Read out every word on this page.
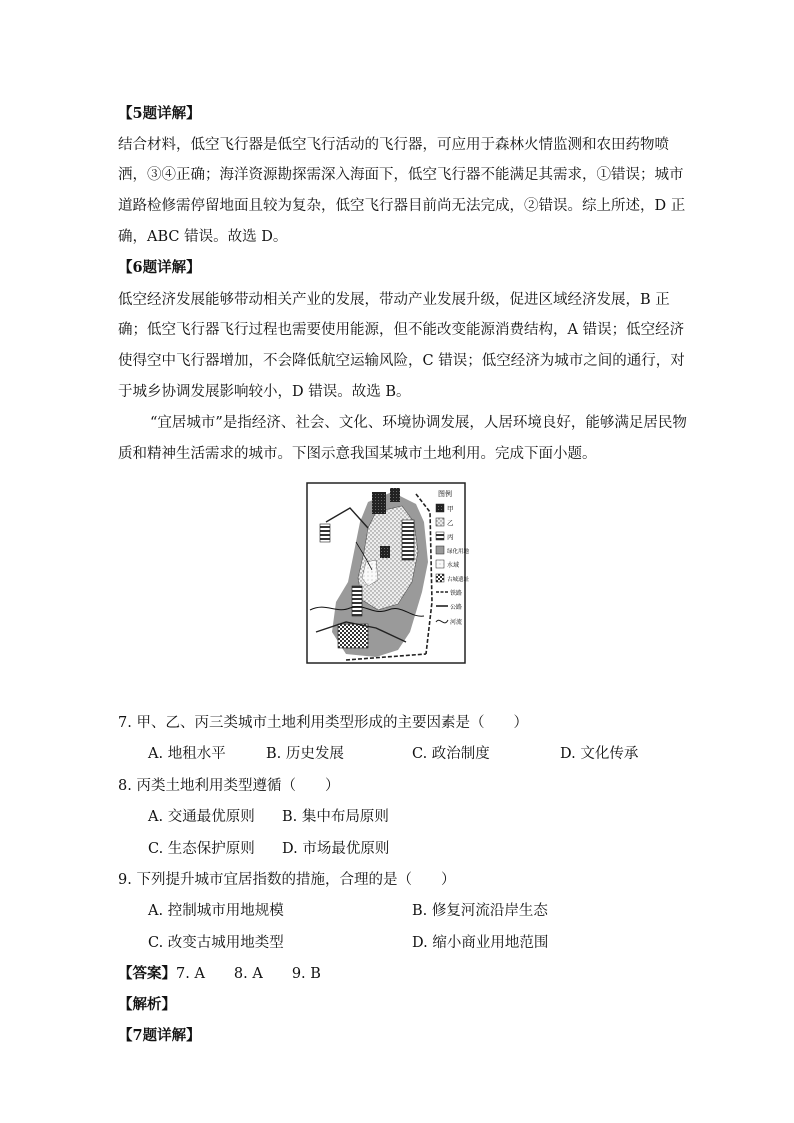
【5题详解】
结合材料，低空飞行器是低空飞行活动的飞行器，可应用于森林火情监测和农田药物喷
洒，③④正确；海洋资源勘探需深入海面下，低空飞行器不能满足其需求，①错误；城市
道路检修需停留地面且较为复杂，低空飞行器目前尚无法完成，②错误。综上所述，D 正
确，ABC 错误。故选 D。
【6题详解】
低空经济发展能够带动相关产业的发展，带动产业发展升级，促进区域经济发展，B 正
确；低空飞行器飞行过程也需要使用能源，但不能改变能源消费结构，A 错误；低空经济
使得空中飞行器增加，不会降低航空运输风险，C 错误；低空经济为城市之间的通行，对
于城乡协调发展影响较小，D 错误。故选 B。
“宜居城市”是指经济、社会、文化、环境协调发展，人居环境良好，能够满足居民物
质和精神生活需求的城市。下图示意我国某城市土地利用。完成下面小题。
图例
甲
乙
丙
绿化用地
水域
古城遗址
铁路
公路
河流
7. 甲、乙、丙三类城市土地利用类型形成的主要因素是（　　）
A. 地租水平	B. 历史发展	C. 政治制度	D. 文化传承
8. 丙类土地利用类型遵循（　　）
A. 交通最优原则 B. 集中布局原则
C. 生态保护原则 D. 市场最优原则
9. 下列提升城市宜居指数的措施，合理的是（　　）
A. 控制城市用地规模	B. 修复河流沿岸生态
C. 改变古城用地类型	D. 缩小商业用地范围
【答案】7. A　　8. A　　9. B
【解析】
【7题详解】
